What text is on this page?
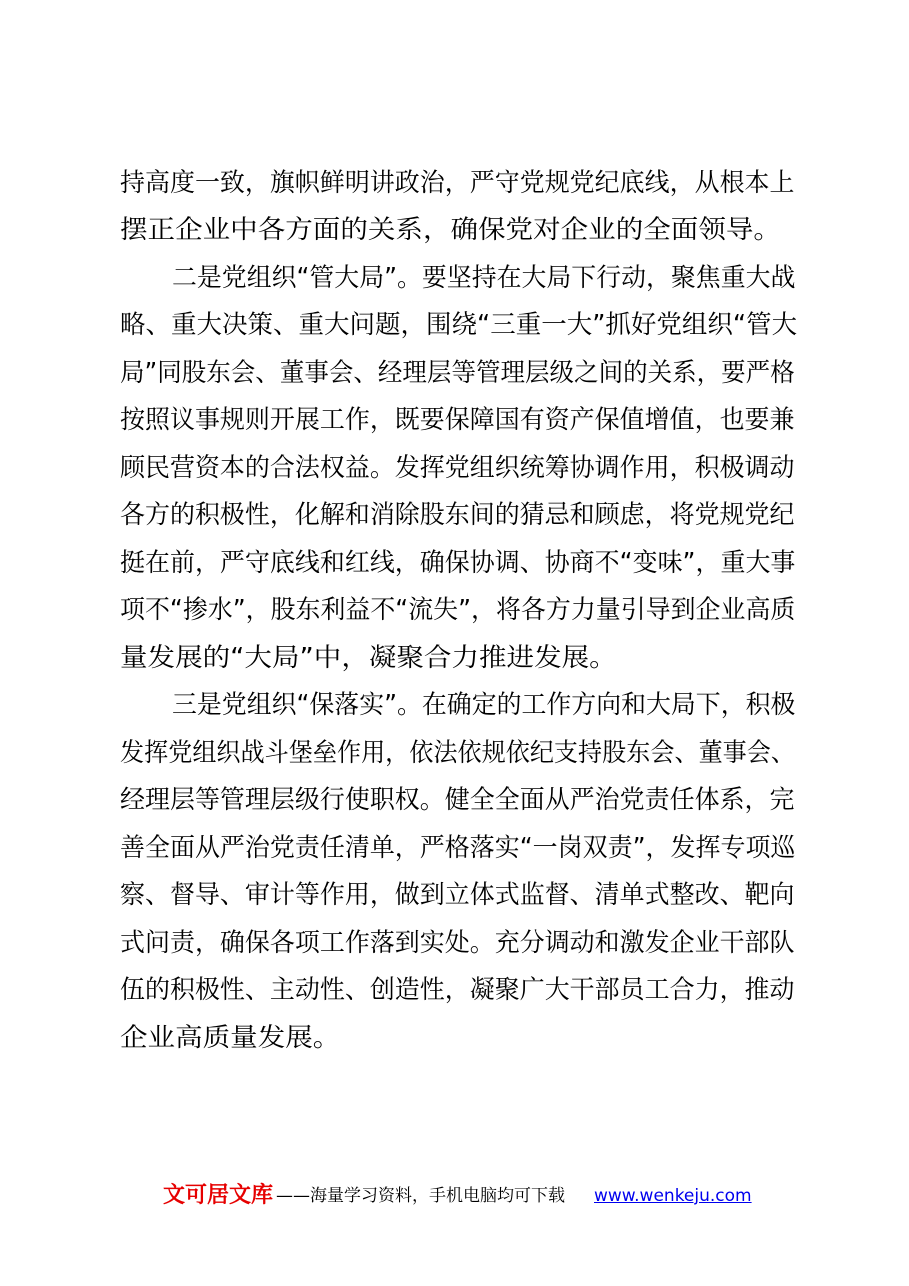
持高度一致，旗帜鲜明讲政治，严守党规党纪底线，从根本上
摆正企业中各方面的关系，确保党对企业的全面领导。
二是党组织“管大局”。要坚持在大局下行动，聚焦重大战
略、重大决策、重大问题，围绕“三重一大”抓好党组织“管大
局”同股东会、董事会、经理层等管理层级之间的关系，要严格
按照议事规则开展工作，既要保障国有资产保值增值，也要兼
顾民营资本的合法权益。发挥党组织统筹协调作用，积极调动
各方的积极性，化解和消除股东间的猜忌和顾虑，将党规党纪
挺在前，严守底线和红线，确保协调、协商不“变味”，重大事
项不“掺水”，股东利益不“流失”，将各方力量引导到企业高质
量发展的“大局”中，凝聚合力推进发展。
三是党组织“保落实”。在确定的工作方向和大局下，积极
发挥党组织战斗堡垒作用，依法依规依纪支持股东会、董事会、
经理层等管理层级行使职权。健全全面从严治党责任体系，完
善全面从严治党责任清单，严格落实“一岗双责”，发挥专项巡
察、督导、审计等作用，做到立体式监督、清单式整改、靶向
式问责，确保各项工作落到实处。充分调动和激发企业干部队
伍的积极性、主动性、创造性，凝聚广大干部员工合力，推动
企业高质量发展。
文可居文库 ——海量学习资料，手机电脑均可下载 www.wenkeju.com
